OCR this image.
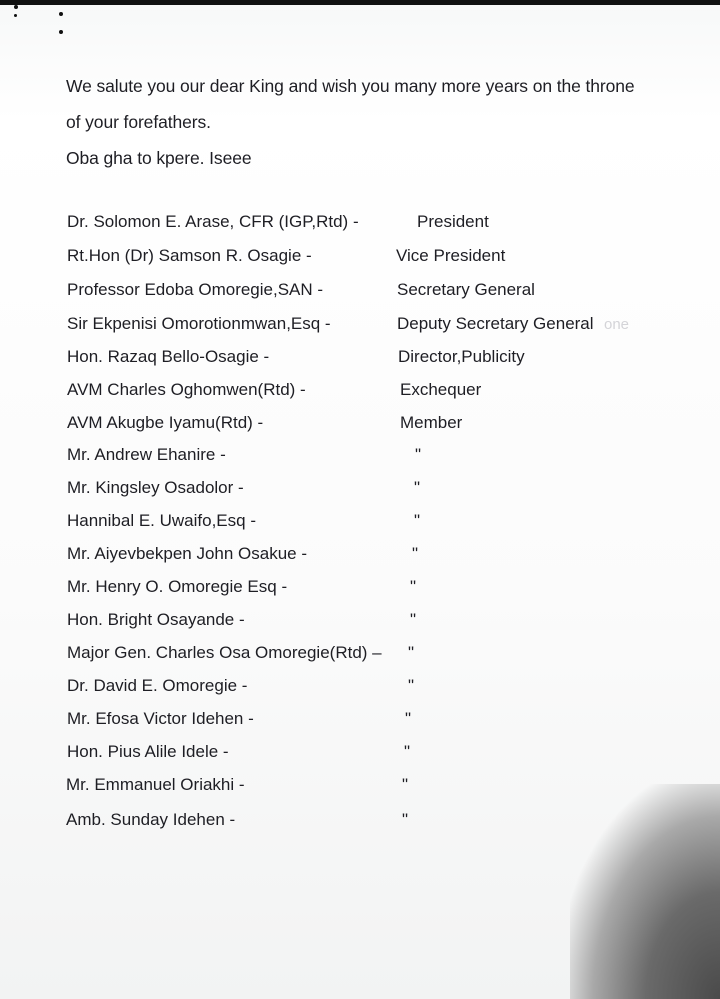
We salute you our dear King and wish you many more years on the throne

of your forefathers.

Oba gha to kpere. Iseee

Dr. Solomon E. Arase, CFR (IGP,Rtd) -	President
Rt.Hon (Dr) Samson R. Osagie -	Vice President
Professor Edoba Omoregie,SAN -	Secretary General
Sir Ekpenisi Omorotionmwan,Esq -	Deputy Secretary General
Hon. Razaq Bello-Osagie -	Director,Publicity
AVM Charles Oghomwen(Rtd) -	Exchequer
AVM Akugbe Iyamu(Rtd) -	Member
Mr. Andrew Ehanire -	"
Mr. Kingsley Osadolor -	"
Hannibal E. Uwaifo,Esq -	"
Mr. Aiyevbekpen John Osakue -	"
Mr. Henry O. Omoregie Esq -	"
Hon. Bright Osayande -	"
Major Gen. Charles Osa Omoregie(Rtd) – "
Dr. David E. Omoregie -	"
Mr. Efosa Victor Idehen -	"
Hon. Pius Alile Idele -	"
Mr. Emmanuel Oriakhi -	"
Amb. Sunday Idehen -	"
one
